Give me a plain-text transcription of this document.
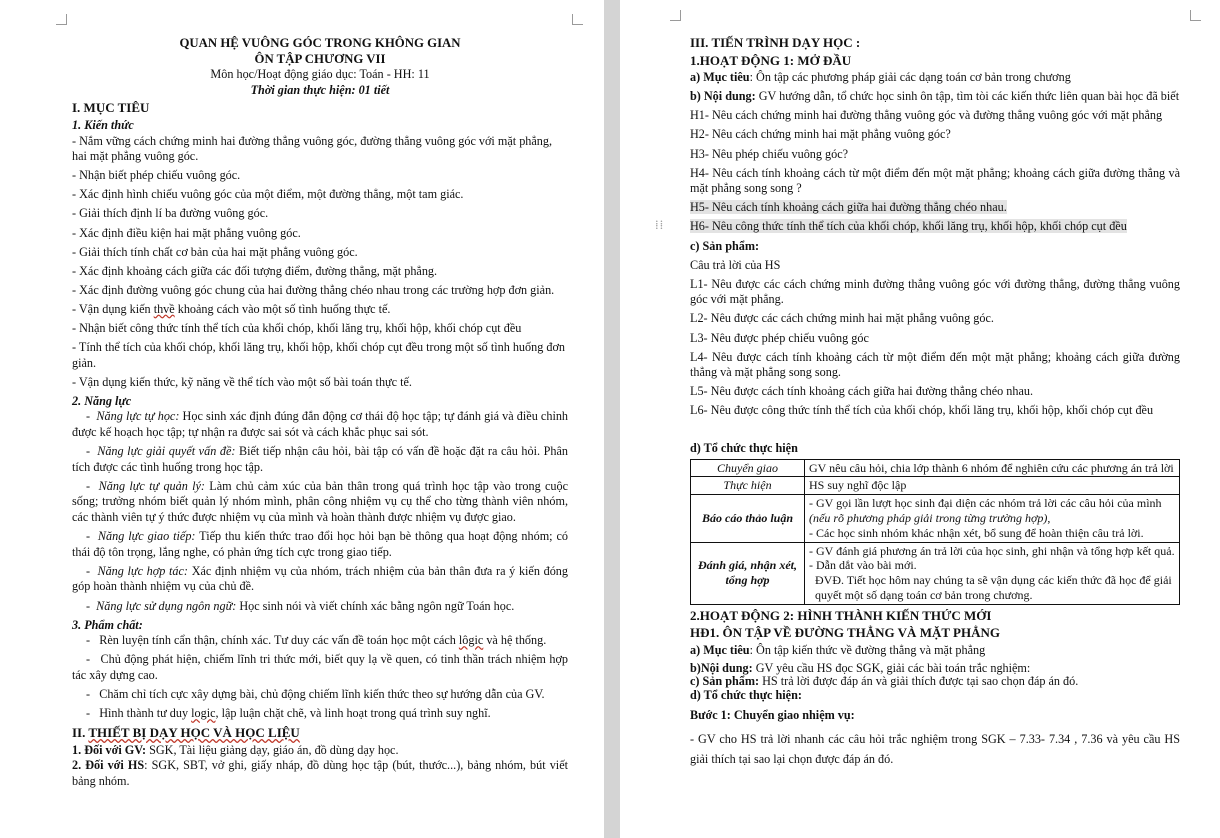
QUAN HỆ VUÔNG GÓC TRONG KHÔNG GIAN

ÔN TẬP CHƯƠNG VII

Môn học/Hoạt động giáo dục: Toán - HH: 11

Thời gian thực hiện: 01 tiết

I. MỤC TIÊU

1. Kiến thức

- Nắm vững cách chứng minh hai đường thẳng vuông góc, đường thẳng vuông góc với mặt phẳng, hai mặt phẳng vuông góc.

- Nhận biết phép chiếu vuông góc.

- Xác định hình chiếu vuông góc của một điểm, một đường thẳng, một tam giác.

- Giải thích định lí ba đường vuông góc.

- Xác định điều kiện hai mặt phẳng vuông góc.

- Giải thích tính chất cơ bản của hai mặt phẳng vuông góc.

- Xác định khoảng cách giữa các đối tượng điểm, đường thẳng, mặt phẳng.

- Xác định đường vuông góc chung của hai đường thẳng chéo nhau trong các trường hợp đơn giản.

- Vận dụng kiến thvề khoảng cách vào một số tình huống thực tế.

- Nhận biết công thức tính thể tích của khối chóp, khối lăng trụ, khối hộp, khối chóp cụt đều

- Tính thể tích của khối chóp, khối lăng trụ, khối hộp, khối chóp cụt đều trong một số tình huống đơn giản.

- Vận dụng kiến thức, kỹ năng về thể tích vào một số bài toán thực tế.

2. Năng lực

-  Năng lực tự học: Học sinh xác định đúng đắn động cơ thái độ học tập; tự đánh giá và điều chỉnh được kế hoạch học tập; tự nhận ra được sai sót và cách khắc phục sai sót.

-  Năng lực giải quyết vấn đề: Biết tiếp nhận câu hỏi, bài tập có vấn đề hoặc đặt ra câu hỏi. Phân tích được các tình huống trong học tập.

-  Năng lực tự quản lý: Làm chủ cảm xúc của bản thân trong quá trình học tập vào trong cuộc sống; trưởng nhóm biết quản lý nhóm mình, phân công nhiệm vụ cụ thể cho từng thành viên nhóm, các thành viên tự ý thức được nhiệm vụ của mình và hoàn thành được nhiệm vụ được giao.

-  Năng lực giao tiếp: Tiếp thu kiến thức trao đổi học hỏi bạn bè thông qua hoạt động nhóm; có thái độ tôn trọng, lắng nghe, có phản ứng tích cực trong giao tiếp.

-  Năng lực hợp tác: Xác định nhiệm vụ của nhóm, trách nhiệm của bản thân đưa ra ý kiến đóng góp hoàn thành nhiệm vụ của chủ đề.

-  Năng lực sử dụng ngôn ngữ: Học sinh nói và viết chính xác bằng ngôn ngữ Toán học.

3. Phẩm chất:

-   Rèn luyện tính cẩn thận, chính xác. Tư duy các vấn đề toán học một cách lôgic và hệ thống.

-   Chủ động phát hiện, chiếm lĩnh tri thức mới, biết quy lạ về quen, có tinh thần trách nhiệm hợp tác xây dựng cao.

-   Chăm chỉ tích cực xây dựng bài, chủ động chiếm lĩnh kiến thức theo sự hướng dẫn của GV.

-   Hình thành tư duy logic, lập luận chặt chẽ, và linh hoạt trong quá trình suy nghĩ.

II. THIẾT BỊ DẠY HỌC VÀ HỌC LIỆU

1. Đối với GV: SGK, Tài liệu giảng dạy, giáo án, đồ dùng dạy học.

2. Đối với HS: SGK, SBT, vở ghi, giấy nháp, đồ dùng học tập (bút, thước...), bảng nhóm, bút viết bảng nhóm.

III. TIẾN TRÌNH DẠY HỌC :

1.HOẠT ĐỘNG 1: MỞ ĐẦU

a) Mục tiêu: Ôn tập các phương pháp giải các dạng toán cơ bản trong chương

b) Nội dung: GV hướng dẫn, tổ chức học sinh ôn tập, tìm tòi các kiến thức liên quan bài học đã biết

H1- Nêu cách chứng minh hai đường thẳng vuông góc và đường thẳng vuông góc với mặt phẳng

H2- Nêu cách chứng minh hai mặt phẳng vuông góc?

H3- Nêu phép chiếu vuông góc?

H4- Nêu cách tính khoảng cách từ một điểm đến một mặt phẳng; khoảng cách giữa đường thẳng và mặt phẳng song song ?

H5- Nêu cách tính khoảng cách giữa hai đường thẳng chéo nhau.

H6- Nêu công thức tính thể tích của khối chóp, khối lăng trụ, khối hộp, khối chóp cụt đều

c) Sản phẩm:

Câu trả lời của HS

L1- Nêu được các cách chứng minh đường thẳng vuông góc với đường thẳng, đường thẳng vuông góc với mặt phẳng.

L2- Nêu được các cách chứng minh hai mặt phẳng vuông góc.

L3- Nêu được phép chiếu vuông góc

L4- Nêu được cách tính khoảng cách từ một điểm đến một mặt phẳng; khoảng cách giữa đường thẳng và mặt phẳng song song.

L5- Nêu được cách tính khoảng cách giữa hai đường thẳng chéo nhau.

L6- Nêu được công thức tính thể tích của khối chóp, khối lăng trụ, khối hộp, khối chóp cụt đều

d) Tổ chức thực hiện

Chuyển giao	GV nêu câu hỏi, chia lớp thành 6 nhóm để nghiên cứu các phương án trả lời
Thực hiện	HS suy nghĩ độc lập
Báo cáo thảo luận	- GV gọi lần lượt học sinh đại diện các nhóm trả lời các câu hỏi của mình (nếu rõ phương pháp giải trong từng trường hợp),
- Các học sinh nhóm khác nhận xét, bổ sung để hoàn thiện câu trả lời.

Đánh giá, nhận xét, tổng hợp	- GV đánh giá phương án trả lời của học sinh, ghi nhận và tổng hợp kết quả.
- Dẫn dắt vào bài mới.
ĐVĐ. Tiết học hôm nay chúng ta sẽ vận dụng các kiến thức đã học để giải quyết một số dạng toán cơ bản trong chương.

2.HOẠT ĐỘNG 2: HÌNH THÀNH KIẾN THỨC MỚI

HĐ1. ÔN TẬP VỀ ĐƯỜNG THẲNG VÀ MẶT PHẲNG

a) Mục tiêu: Ôn tập kiến thức về đường thẳng và mặt phẳng

b)Nội dung: GV yêu cầu HS đọc SGK, giải các bài toán trắc nghiệm:

c) Sản phẩm: HS trả lời được đáp án và giải thích được tại sao chọn đáp án đó.

d) Tổ chức thực hiện:

Bước 1: Chuyển giao nhiệm vụ:

- GV cho HS trả lời nhanh các câu hỏi trắc nghiệm trong SGK – 7.33- 7.34 , 7.36 và yêu cầu HS giải thích tại sao lại chọn được đáp án đó.

⁞⁞
